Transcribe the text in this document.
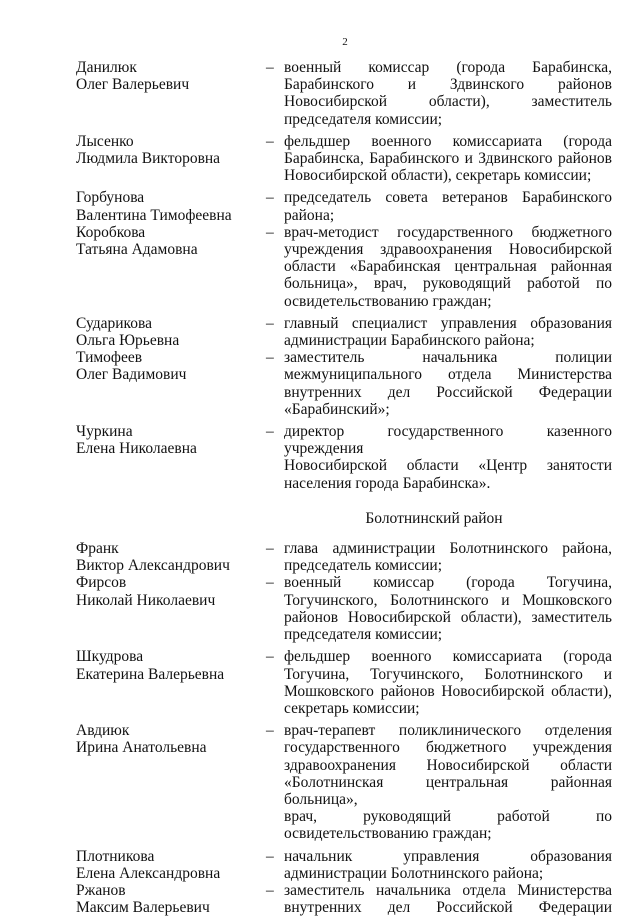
2
Данилюк
Олег Валерьевич
– военный комиссар (города Барабинска,
Барабинского и Здвинского районов
Новосибирской области), заместитель
председателя комиссии;
Лысенко
Людмила Викторовна
– фельдшер военного комиссариата (города
Барабинска, Барабинского и Здвинского районов
Новосибирской области), секретарь комиссии;
Горбунова
Валентина Тимофеевна
– председатель совета ветеранов Барабинского
района;
Коробкова
Татьяна Адамовна
– врач-методист государственного бюджетного
учреждения здравоохранения Новосибирской
области «Барабинская центральная районная
больница», врач, руководящий работой по
освидетельствованию граждан;
Сударикова
Ольга Юрьевна
– главный специалист управления образования
администрации Барабинского района;
Тимофеев
Олег Вадимович
– заместитель начальника полиции
межмуниципального отдела Министерства
внутренних дел Российской Федерации
«Барабинский»;
Чуркина
Елена Николаевна
– директор государственного казенного учреждения
Новосибирской области «Центр занятости
населения города Барабинска».
Болотнинский район
Франк
Виктор Александрович
– глава администрации Болотнинского района,
председатель комиссии;
Фирсов
Николай Николаевич
– военный комиссар (города Тогучина,
Тогучинского, Болотнинского и Мошковского
районов Новосибирской области), заместитель
председателя комиссии;
Шкудрова
Екатерина Валерьевна
– фельдшер военного комиссариата (города
Тогучина, Тогучинского, Болотнинского и
Мошковского районов Новосибирской области),
секретарь комиссии;
Авдиюк
Ирина Анатольевна
– врач-терапевт поликлинического отделения
государственного бюджетного учреждения
здравоохранения Новосибирской области
«Болотнинская центральная районная больница»,
врач, руководящий работой по
освидетельствованию граждан;
Плотникова
Елена Александровна
– начальник управления образования
администрации Болотнинского района;
Ржанов
Максим Валерьевич
– заместитель начальника отдела Министерства
внутренних дел Российской Федерации
